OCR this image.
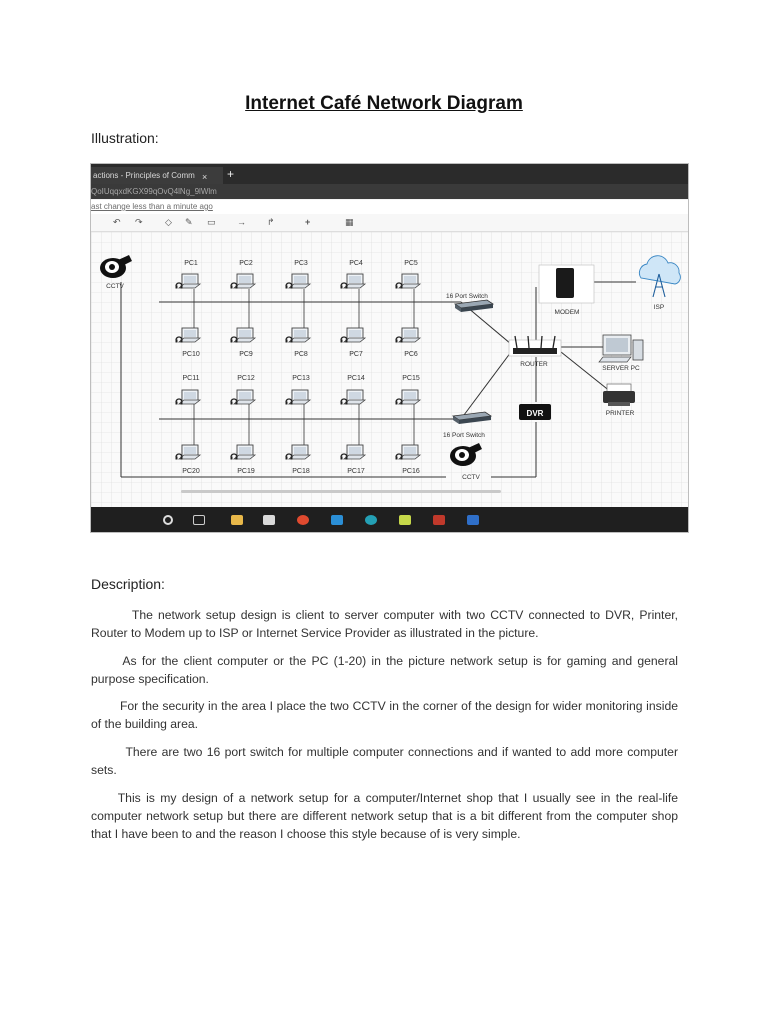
Internet Café Network Diagram
Illustration:
actions - Principles of Comm × +
QoIUqqxdKGX99qOvQ4lNg_9lWlm
ast change less than a minute ago
↶ ↷ ◇ ✎ ▭ → ↱	+	▦
PC1	PC2	PC3	PC4	PC5
PC10	PC9	PC8	PC7	PC6
PC11	PC12	PC13	PC14	PC15
PC20	PC19	PC18	PC17	PC16
16 Port Switch
16 Port Switch
CCTV
CCTV
MODEM
ISP
ROUTER
SERVER PC
PRINTER
DVR
Description:

The network setup design is client to server computer with two CCTV connected to DVR, Printer, Router to Modem up to ISP or Internet Service Provider as illustrated in the picture.

As for the client computer or the PC (1-20) in the picture network setup is for gaming and general purpose specification.

For the security in the area I place the two CCTV in the corner of the design for wider monitoring inside of the building area.

There are two 16 port switch for multiple computer connections and if wanted to add more computer sets.

This is my design of a network setup for a computer/Internet shop that I usually see in the real-life computer network setup but there are different network setup that is a bit different from the computer shop that I have been to and the reason I choose this style because of is very simple.
